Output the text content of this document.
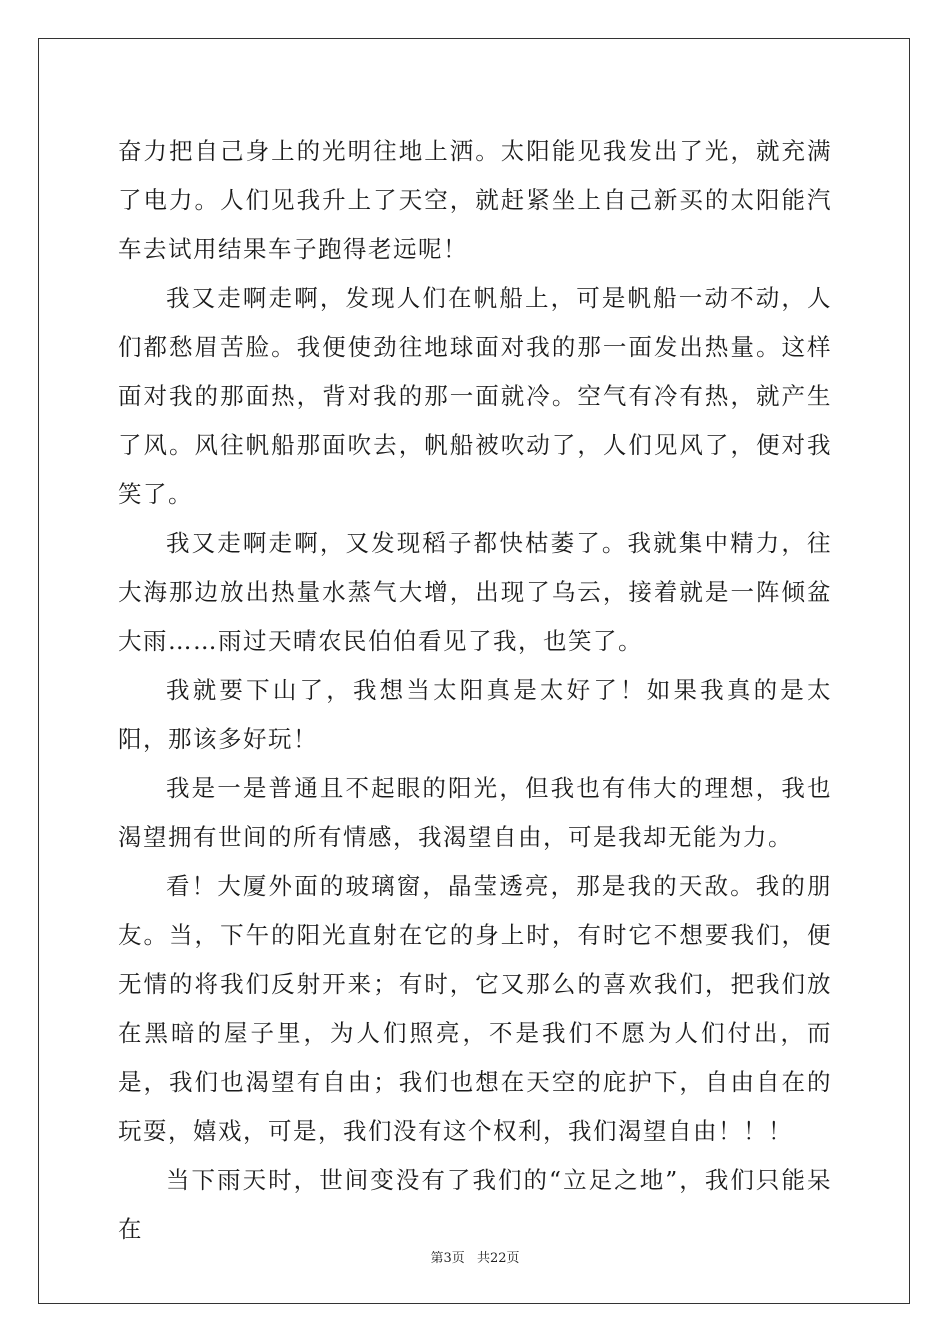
奋力把自己身上的光明往地上洒。太阳能见我发出了光，就充满了电力。人们见我升上了天空，就赶紧坐上自己新买的太阳能汽车去试用结果车子跑得老远呢！

我又走啊走啊，发现人们在帆船上，可是帆船一动不动，人们都愁眉苦脸。我便使劲往地球面对我的那一面发出热量。这样面对我的那面热，背对我的那一面就冷。空气有冷有热，就产生了风。风往帆船那面吹去，帆船被吹动了，人们见风了，便对我笑了。

我又走啊走啊，又发现稻子都快枯萎了。我就集中精力，往大海那边放出热量水蒸气大增，出现了乌云，接着就是一阵倾盆大雨……雨过天晴农民伯伯看见了我，也笑了。

我就要下山了，我想当太阳真是太好了！如果我真的是太阳，那该多好玩！

我是一是普通且不起眼的阳光，但我也有伟大的理想，我也渴望拥有世间的所有情感，我渴望自由，可是我却无能为力。

看！大厦外面的玻璃窗，晶莹透亮，那是我的天敌。我的朋友。当，下午的阳光直射在它的身上时，有时它不想要我们，便无情的将我们反射开来；有时，它又那么的喜欢我们，把我们放在黑暗的屋子里，为人们照亮，不是我们不愿为人们付出，而是，我们也渴望有自由；我们也想在天空的庇护下，自由自在的玩耍，嬉戏，可是，我们没有这个权利，我们渴望自由！！！

当下雨天时，世间变没有了我们的“立足之地”，我们只能呆在

第3页 共22页
